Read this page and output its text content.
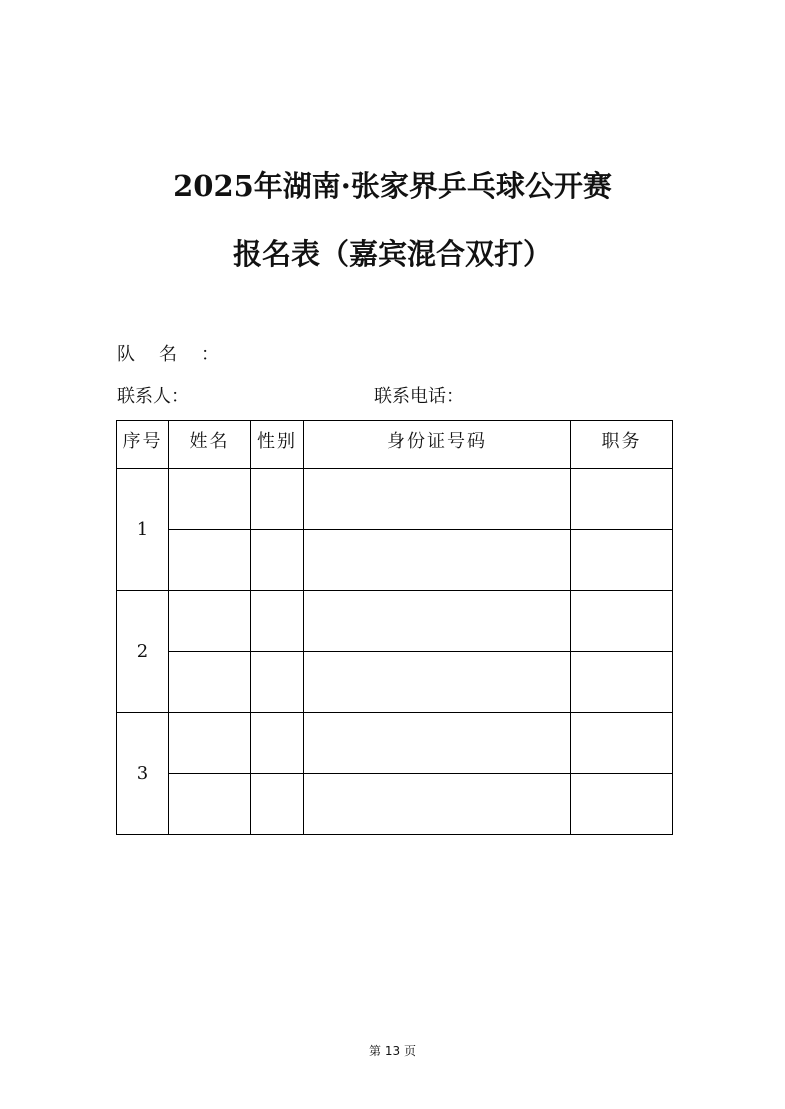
2025年湖南·张家界乒乓球公开赛
报名表（嘉宾混合双打）

队名：

联系人：	联系电话：

序号	姓名	性别	身份证号码	职务
1				

2				

3				

第 13 页
